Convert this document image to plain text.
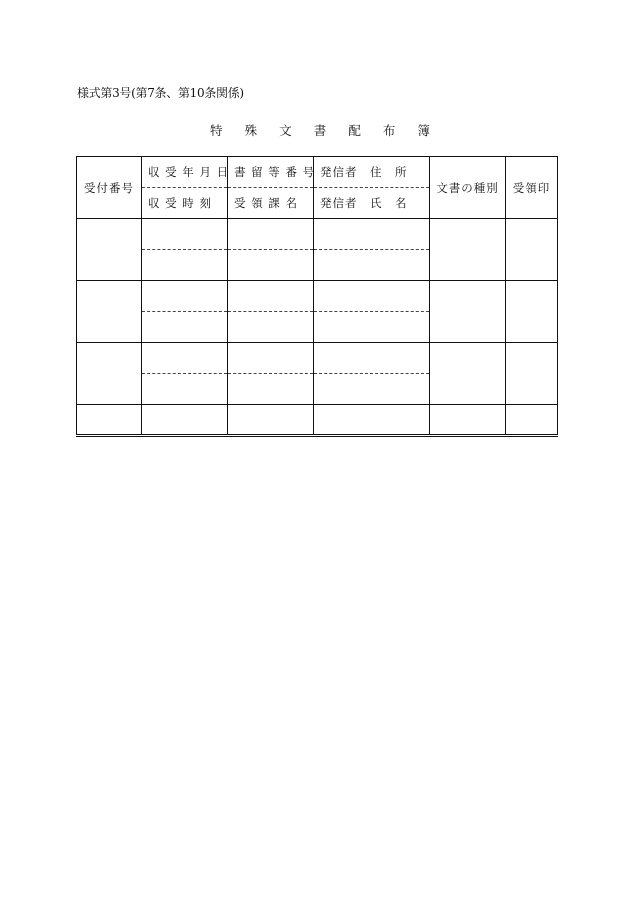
様式第3号(第7条、第10条関係)
特 殊 文 書 配 布 簿
受付番号	収 受 年 月 日	書 留 等 番 号	発信者　住　所	文書の種別	受領印

	収 受 時 刻	受 領 課 名	発信者　氏　名		
